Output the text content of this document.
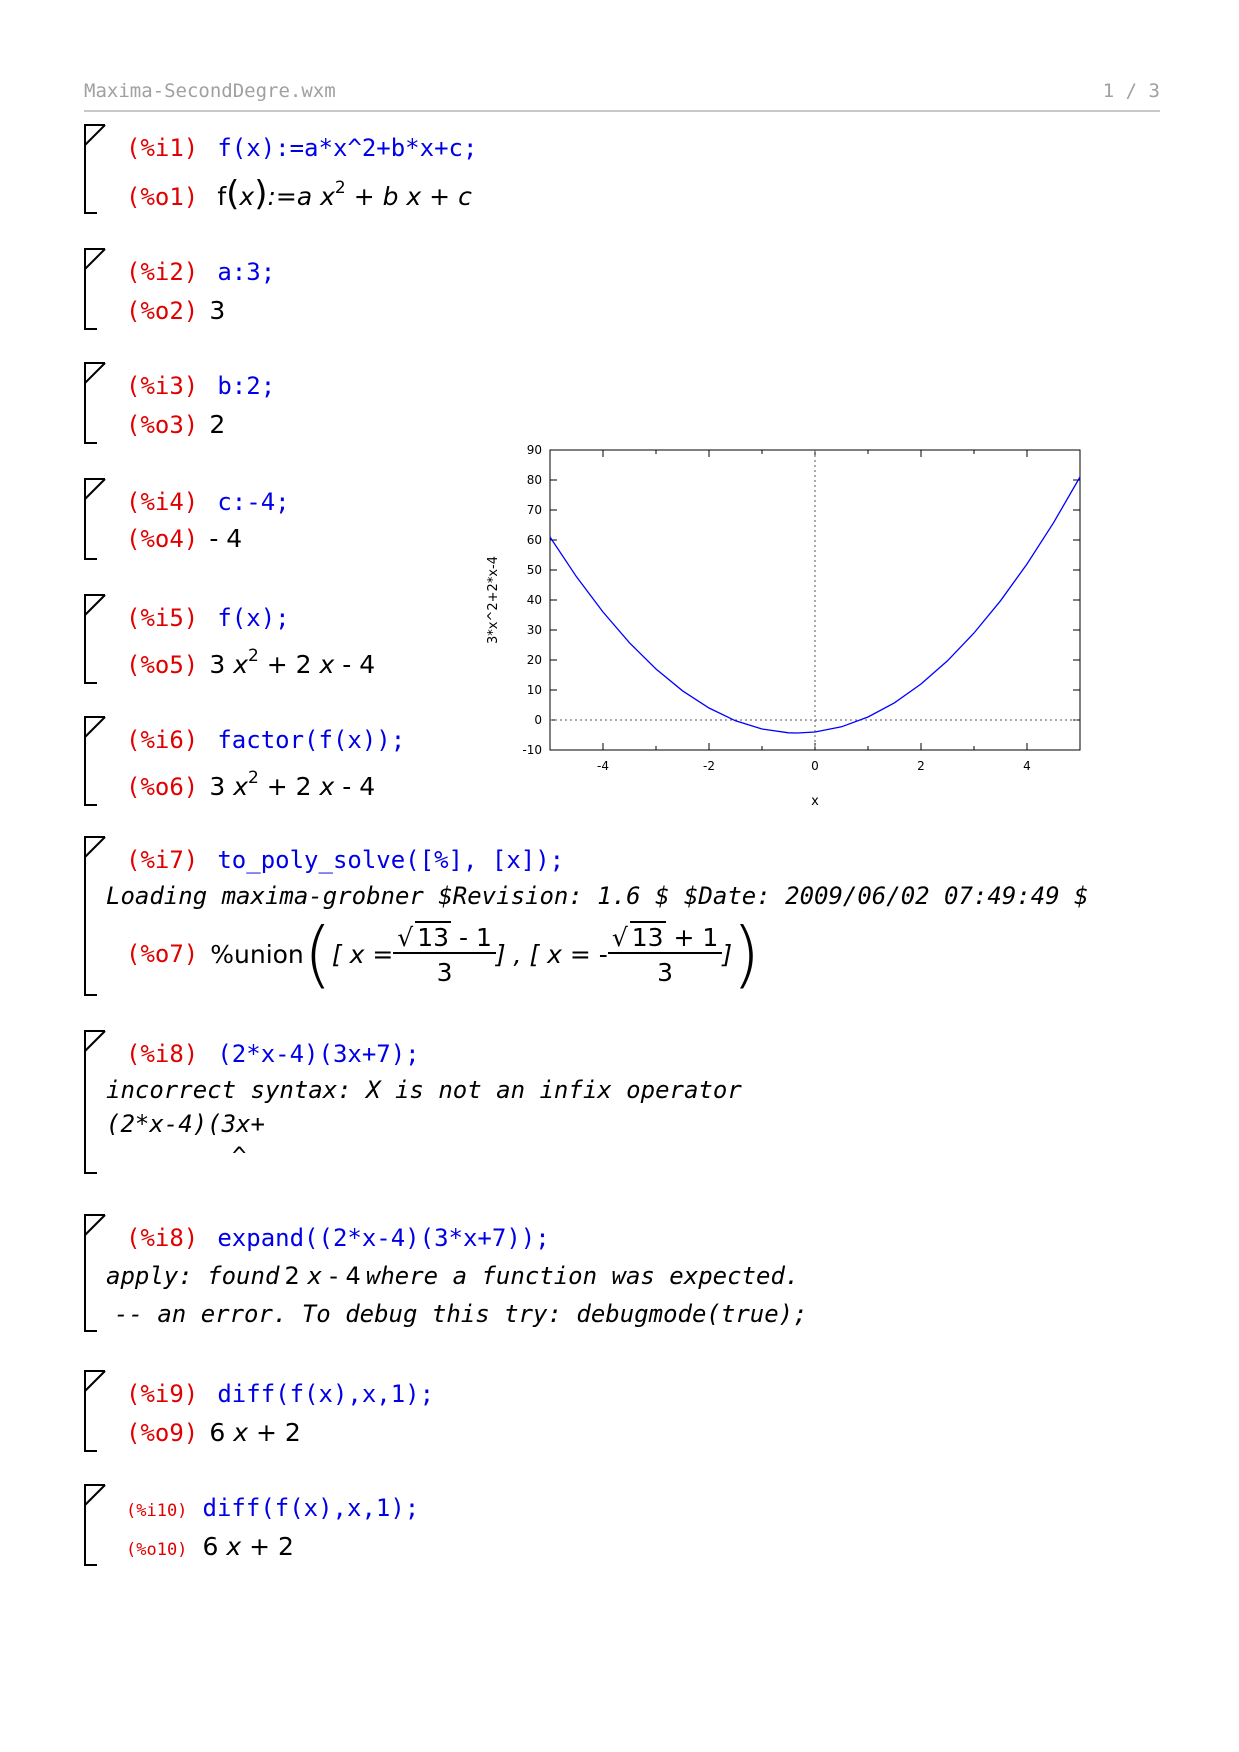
Maxima-SecondDegre.wxm	1 / 3
(%i1) f(x):=a*x^2+b*x+c;
(%o1) f(x):=a $x^2 + b$ x + c
(%i2) a:3;
(%o2) 3
(%i3) b:2;
(%o3) 2
(%i4) c:-4;
(%o4) - 4
(%i5) f(x);
(%o5) 3 $x^2 + 2$ x - 4
(%i6) factor(f(x));
(%o6) 3 $x^2 + 2$ x - 4
-4	-2	0	2	4
-10
0
10
20
30
40
50
60
70
80
90
x
3*x^2+2*x-4
(%i7) to_poly_solve([%], [x]);
Loading maxima-grobner $Revision: 1.6 $ $Date: 2009/06/02 07:49:49 $
(%o7) %union ( [ $x = \frac{√ 13 - 1}{3}$ ] , [ x = - $\frac{√ 13 + 1}{3}$ ] )
(%i8) (2*x-4)(3x+7);
incorrect syntax: X is not an infix operator
(2*x-4)(3x+
^
(%i8) expand((2*x-4)(3*x+7));
apply: found 2 x - 4 where a function was expected.
-- an error. To debug this try: debugmode(true);
(%i9) diff(f(x),x,1);
(%o9) 6 x + 2
(%i10) diff(f(x),x,1);
(%o10) 6 x + 2
